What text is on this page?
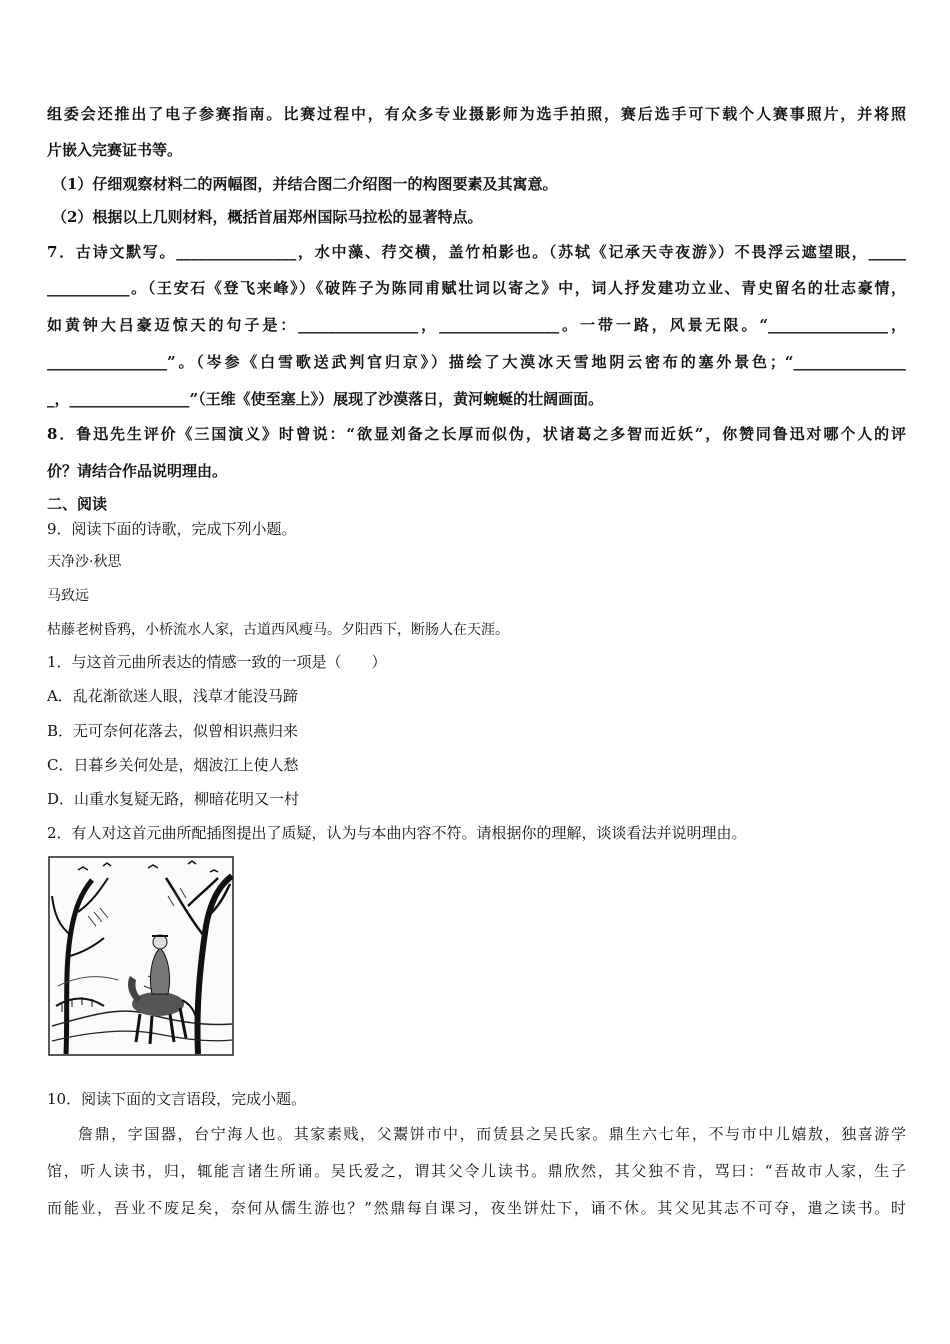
组委会还推出了电子参赛指南。比赛过程中，有众多专业摄影师为选手拍照，赛后选手可下载个人赛事照片，并将照
片嵌入完赛证书等。
（1）仔细观察材料二的两幅图，并结合图二介绍图一的构图要素及其寓意。
（2）根据以上几则材料，概括首届郑州国际马拉松的显著特点。
7．古诗文默写。________________，水中藻、荇交横，盖竹柏影也。（苏轼《记承天寺夜游》）不畏浮云遮望眼，_____
___________。（王安石《登飞来峰》）《破阵子为陈同甫赋壮词以寄之》中，词人抒发建功立业、青史留名的壮志豪情，
如黄钟大吕豪迈惊天的句子是：________________，________________。一带一路，风景无限。“________________，
________________”。（岑参《白雪歌送武判官归京》）描绘了大漠冰天雪地阴云密布的塞外景色；“_______________
_，________________”（王维《使至塞上》）展现了沙漠落日，黄河蜿蜒的壮阔画面。
8．鲁迅先生评价《三国演义》时曾说：“欲显刘备之长厚而似伪，状诸葛之多智而近妖”，你赞同鲁迅对哪个人的评
价？请结合作品说明理由。
二、阅读
9．阅读下面的诗歌，完成下列小题。
天净沙·秋思
马致远
枯藤老树昏鸦，小桥流水人家，古道西风瘦马。夕阳西下，断肠人在天涯。
1．与这首元曲所表达的情感一致的一项是（　　）
A．乱花渐欲迷人眼，浅草才能没马蹄
B．无可奈何花落去，似曾相识燕归来
C．日暮乡关何处是，烟波江上使人愁
D．山重水复疑无路，柳暗花明又一村
2．有人对这首元曲所配插图提出了质疑，认为与本曲内容不符。请根据你的理解，谈谈看法并说明理由。
10．阅读下面的文言语段，完成小题。
詹鼎，字国器，台宁海人也。其家素贱，父鬻饼市中，而赁县之吴氏家。鼎生六七年，不与市中儿嬉敖，独喜游学
馆，听人读书，归，辄能言诸生所诵。吴氏爱之，谓其父令儿读书。鼎欣然，其父独不肯，骂曰：“吾故市人家，生子
而能业，吾业不废足矣，奈何从儒生游也？”然鼎每自课习，夜坐饼灶下，诵不休。其父见其志不可夺，遣之读书。时
